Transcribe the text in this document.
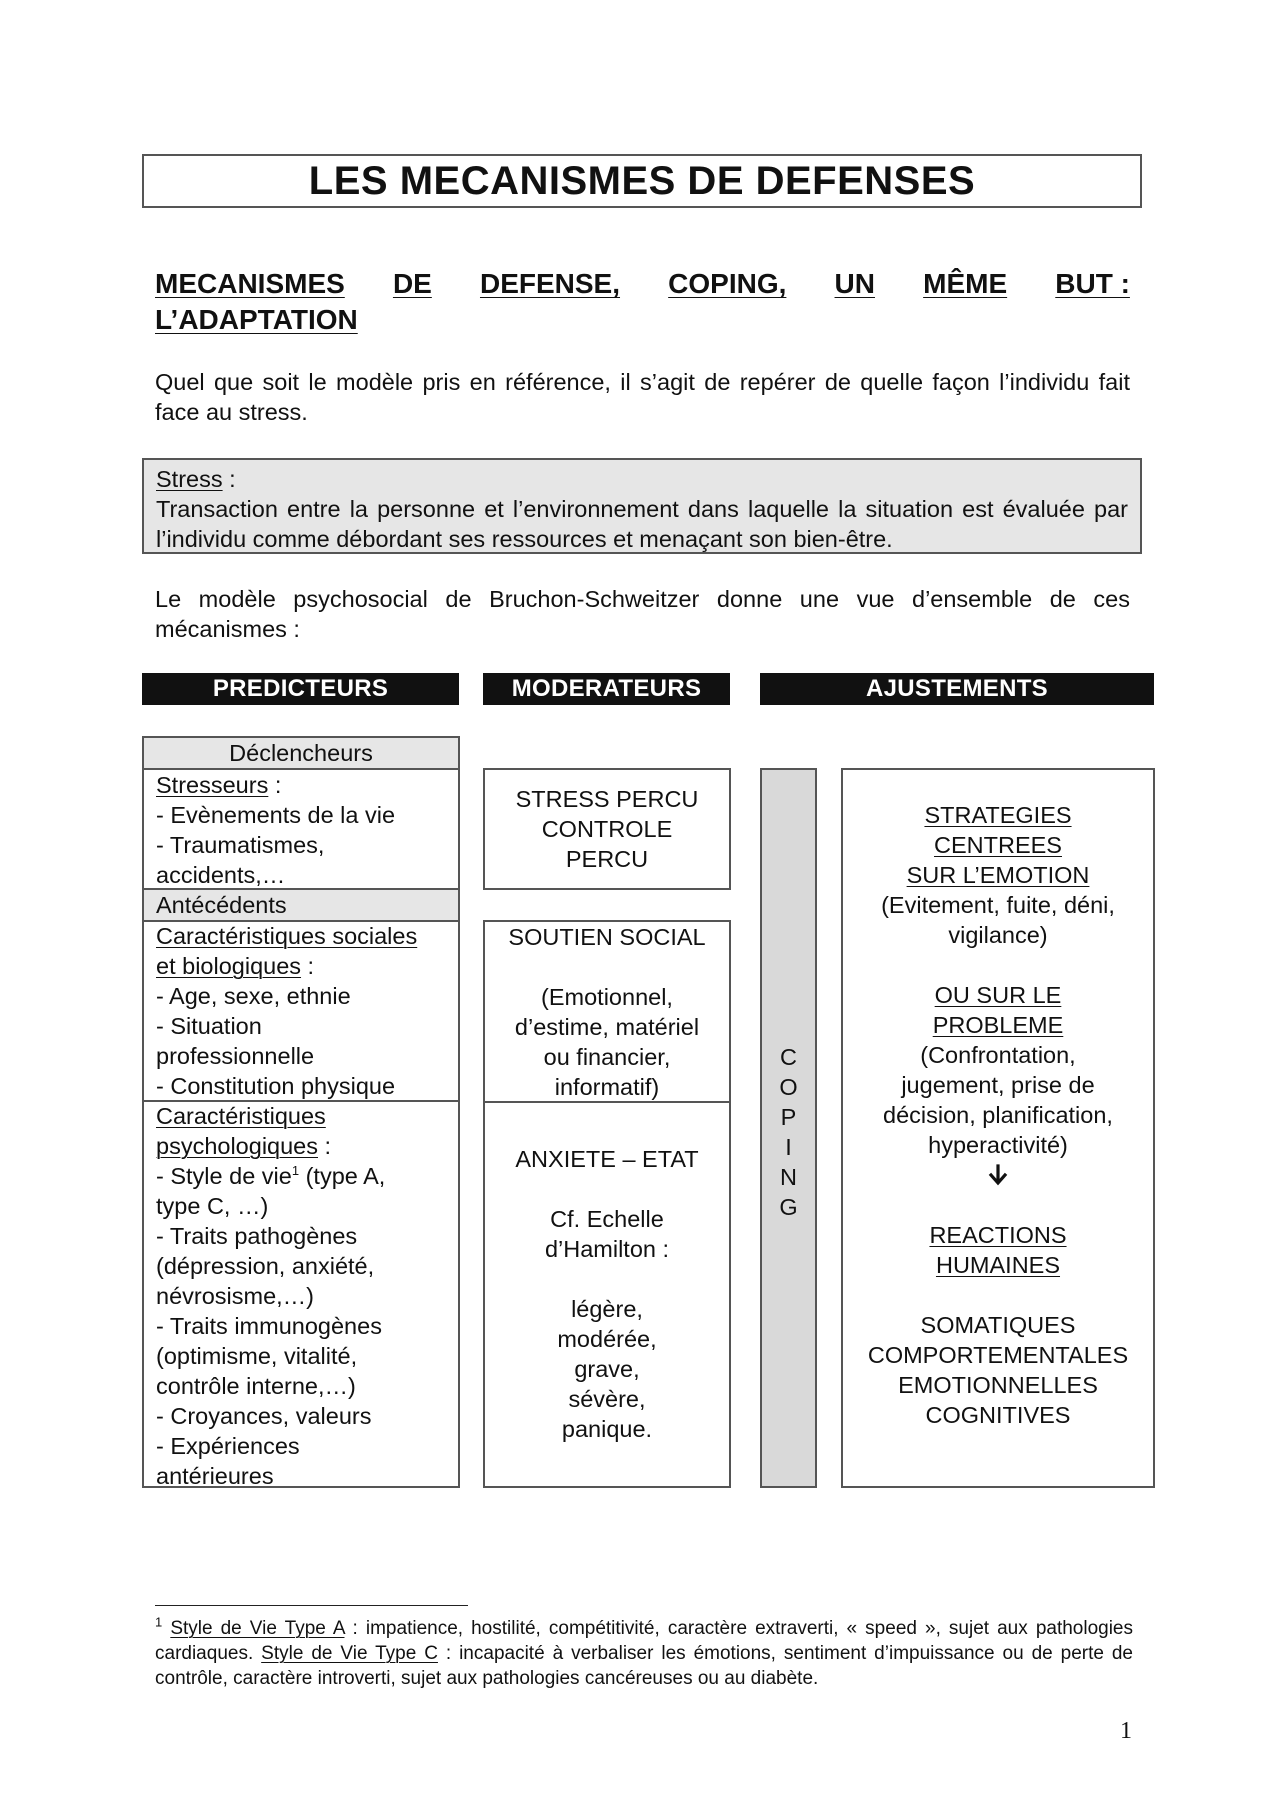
LES MECANISMES DE DEFENSES
MECANISMES DE DEFENSE, COPING, UN MÊME BUT :
L’ADAPTATION
Quel que soit le modèle pris en référence, il s’agit de repérer de quelle façon l’individu fait face au stress.
Stress :
Transaction entre la personne et l’environnement dans laquelle la situation est évaluée par l’individu comme débordant ses ressources et menaçant son bien-être.
Le modèle psychosocial de Bruchon-Schweitzer donne une vue d’ensemble de ces mécanismes :
PREDICTEURS	MODERATEURS	AJUSTEMENTS
Déclencheurs
Stresseurs :
- Evènements de la vie
- Traumatismes,
accidents,…
Antécédents
Caractéristiques sociales
et biologiques :
- Age, sexe, ethnie
- Situation
professionnelle
- Constitution physique
Caractéristiques
psychologiques :
- Style de vie$^1$ (type A,
type C, …)
- Traits pathogènes
(dépression, anxiété,
névrosisme,…)
- Traits immunogènes
(optimisme, vitalité,
contrôle interne,…)
- Croyances, valeurs
- Expériences
antérieures
STRESS PERCU
CONTROLE
PERCU
SOUTIEN SOCIAL
(Emotionnel,
d’estime, matériel
ou financier,
informatif)
ANXIETE – ETAT
Cf. Echelle
d’Hamilton :
légère,
modérée,
grave,
sévère,
panique.
C
O
P
I
N
G
STRATEGIES
CENTREES
SUR L’EMOTION
(Evitement, fuite, déni,
vigilance)
OU SUR LE
PROBLEME
(Confrontation,
jugement, prise de
décision, planification,
hyperactivité)
REACTIONS
HUMAINES
SOMATIQUES
COMPORTEMENTALES
EMOTIONNELLES
COGNITIVES
$^1$ Style de Vie Type A : impatience, hostilité, compétitivité, caractère extraverti, « speed », sujet aux pathologies cardiaques. Style de Vie Type C : incapacité à verbaliser les émotions, sentiment d’impuissance ou de perte de contrôle, caractère introverti, sujet aux pathologies cancéreuses ou au diabète.
1
